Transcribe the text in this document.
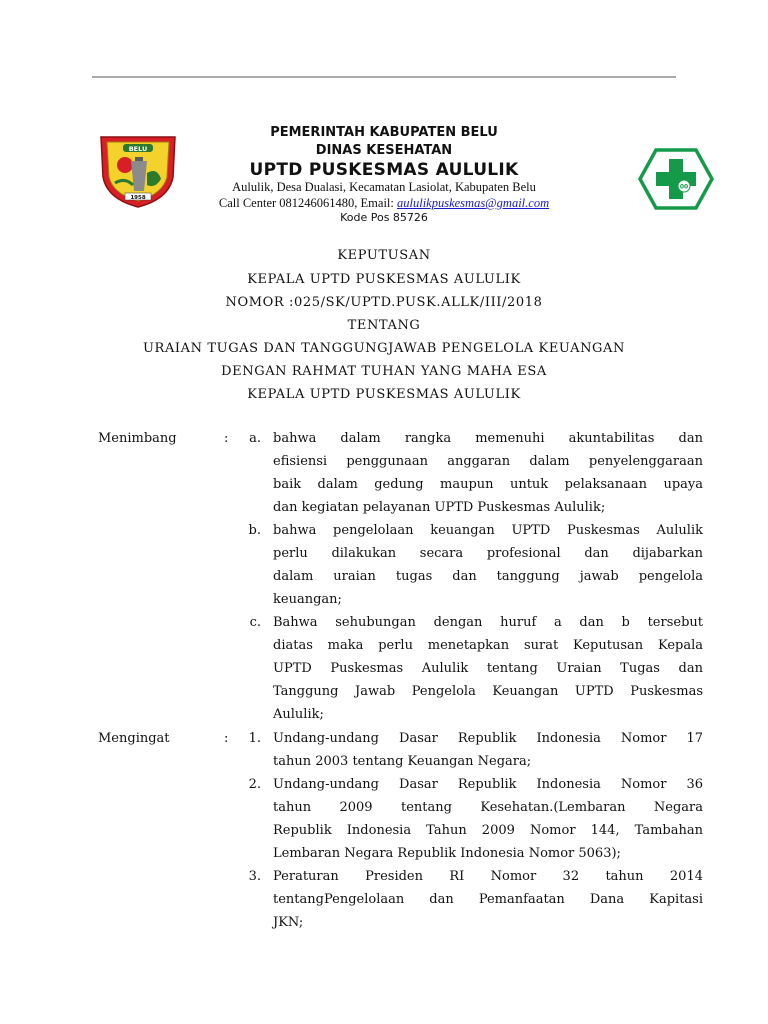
BELU
1958
00
PEMERINTAH KABUPATEN BELU
DINAS KESEHATAN
UPTD PUSKESMAS AULULIK
Aululik, Desa Dualasi, Kecamatan Lasiolat, Kabupaten Belu
Call Center 081246061480, Email: aululikpuskesmas@gmail.com
Kode Pos 85726
KEPUTUSAN
KEPALA UPTD PUSKESMAS AULULIK
NOMOR :025/SK/UPTD.PUSK.ALLK/III/2018
TENTANG
URAIAN TUGAS DAN TANGGUNGJAWAB PENGELOLA KEUANGAN
DENGAN RAHMAT TUHAN YANG MAHA ESA
KEPALA UPTD PUSKESMAS AULULIK
Menimbang	:	a. bahwa dalam rangka memenuhi akuntabilitas dan
efisiensi penggunaan anggaran dalam penyelenggaraan
baik dalam gedung maupun untuk pelaksanaan upaya
dan kegiatan pelayanan UPTD Puskesmas Aululik;
b. bahwa pengelolaan keuangan UPTD Puskesmas Aululik
perlu dilakukan secara profesional dan dijabarkan
dalam uraian tugas dan tanggung jawab pengelola
keuangan;
c. Bahwa sehubungan dengan huruf a dan b tersebut
diatas maka perlu menetapkan surat Keputusan Kepala
UPTD Puskesmas Aululik tentang Uraian Tugas dan
Tanggung Jawab Pengelola Keuangan UPTD Puskesmas
Aululik;
Mengingat	:	1. Undang-undang Dasar Republik Indonesia Nomor 17
tahun 2003 tentang Keuangan Negara;
2. Undang-undang Dasar Republik Indonesia Nomor 36
tahun 2009 tentang Kesehatan.(Lembaran Negara
Republik Indonesia Tahun 2009 Nomor 144, Tambahan
Lembaran Negara Republik Indonesia Nomor 5063);
3. Peraturan Presiden RI Nomor 32 tahun 2014
tentangPengelolaan dan Pemanfaatan Dana Kapitasi
JKN;
